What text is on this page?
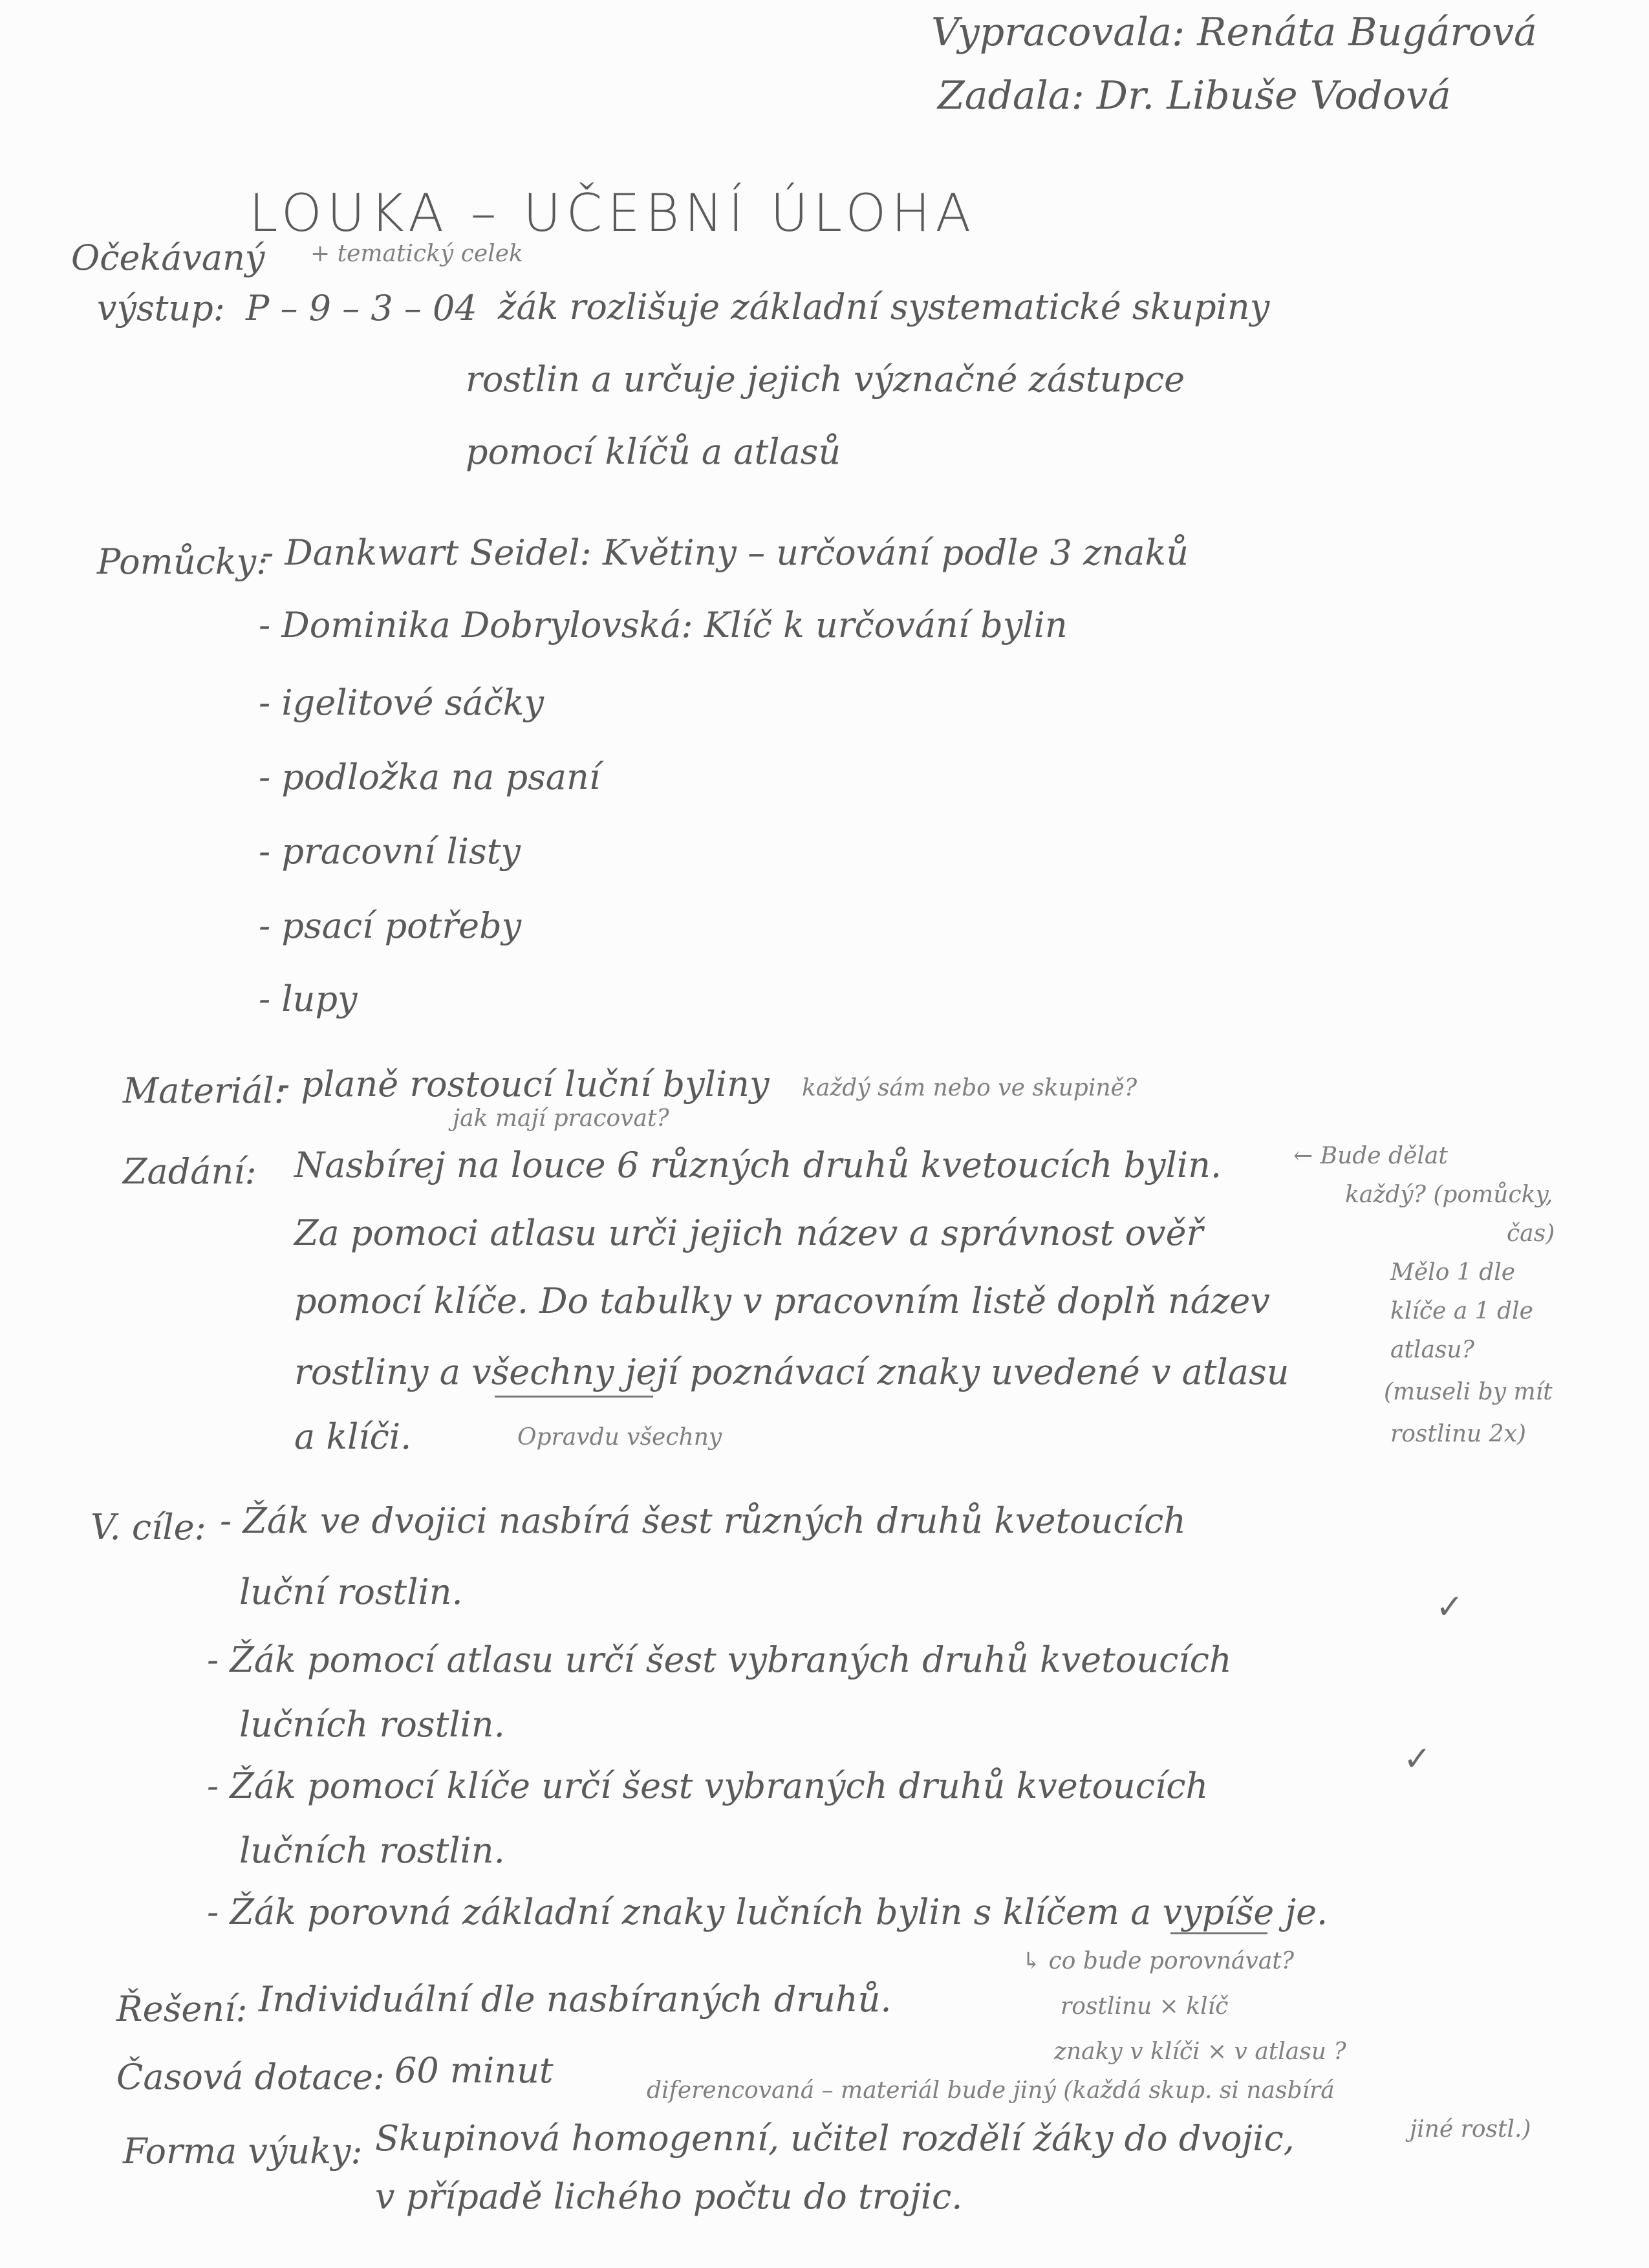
Vypracovala: Renáta Bugárová
Zadala: Dr. Libuše Vodová
LOUKA – UČEBNÍ ÚLOHA
Očekávaný + tematický celek
výstup: P – 9 – 3 – 04 žák rozlišuje základní systematické skupiny
rostlin a určuje jejich význačné zástupce
pomocí klíčů a atlasů
Pomůcky:
- Dankwart Seidel: Květiny – určování podle 3 znaků
- Dominika Dobrylovská: Klíč k určování bylin
- igelitové sáčky
- podložka na psaní
- pracovní listy
- psací potřeby
- lupy
Materiál:
- planě rostoucí luční byliny
jak mají pracovat?
každý sám nebo ve skupině?
Zadání: Nasbírej na louce 6 různých druhů kvetoucích bylin.
Za pomoci atlasu urči jejich název a správnost ověř
pomocí klíče. Do tabulky v pracovním listě doplň název
rostliny a všechny její poznávací znaky uvedené v atlasu
a klíči.	Opravdu všechny
← Bude dělat
každý? (pomůcky,
čas)
Mělo 1 dle
klíče a 1 dle
atlasu?
(museli by mít
rostlinu 2x)
V. cíle: - Žák ve dvojici nasbírá šest různých druhů kvetoucích
luční rostlin.
- Žák pomocí atlasu určí šest vybraných druhů kvetoucích
✓
lučních rostlin.
- Žák pomocí klíče určí šest vybraných druhů kvetoucích
✓
lučních rostlin.
- Žák porovná základní znaky lučních bylin s klíčem a vypíše je.
↳ co bude porovnávat?
rostlinu × klíč
znaky v klíči × v atlasu ?
Řešení: Individuální dle nasbíraných druhů.
Časová dotace: 60 minut	diferencovaná – materiál bude jiný (každá skup. si nasbírá
jiné rostl.)
Forma výuky: Skupinová homogenní, učitel rozdělí žáky do dvojic,
v případě lichého počtu do trojic.
